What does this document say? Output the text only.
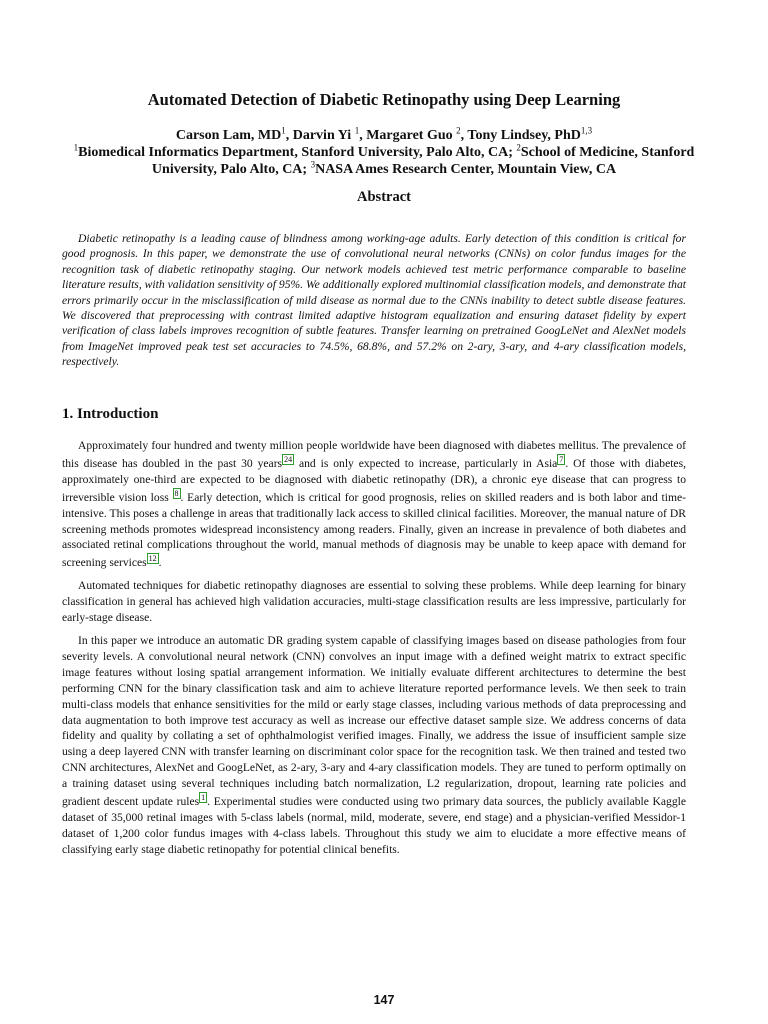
Automated Detection of Diabetic Retinopathy using Deep Learning
Carson Lam, $MD^1$, Darvin Yi $^1$, Margaret Guo $^2$, Tony Lindsey, PhD$^{1,3}$
$^1$Biomedical Informatics Department, Stanford University, Palo Alto, CA; $^2$School of Medicine, Stanford University, Palo Alto, CA; $^3$NASA Ames Research Center, Mountain View, CA
Abstract

Diabetic retinopathy is a leading cause of blindness among working-age adults. Early detection of this condition is critical for good prognosis. In this paper, we demonstrate the use of convolutional neural networks (CNNs) on color fundus images for the recognition task of diabetic retinopathy staging. Our network models achieved test metric performance comparable to baseline literature results, with validation sensitivity of 95%. We additionally explored multinomial classification models, and demonstrate that errors primarily occur in the misclassification of mild disease as normal due to the CNNs inability to detect subtle disease features. We discovered that preprocessing with contrast limited adaptive histogram equalization and ensuring dataset fidelity by expert verification of class labels improves recognition of subtle features. Transfer learning on pretrained GoogLeNet and AlexNet models from ImageNet improved peak test set accuracies to 74.5%, 68.8%, and 57.2% on 2-ary, 3-ary, and 4-ary classification models, respectively.

1. Introduction

Approximately four hundred and twenty million people worldwide have been diagnosed with diabetes mellitus. The prevalence of this disease has doubled in the past 30 years 24 and is only expected to increase, particularly in Asia 7 . Of those with diabetes, approximately one-third are expected to be diagnosed with diabetic retinopathy (DR), a chronic eye disease that can progress to irreversible vision loss 8 . Early detection, which is critical for good prognosis, relies on skilled readers and is both labor and time-intensive. This poses a challenge in areas that traditionally lack access to skilled clinical facilities. Moreover, the manual nature of DR screening methods promotes widespread inconsistency among readers. Finally, given an increase in prevalence of both diabetes and associated retinal complications throughout the world, manual methods of diagnosis may be unable to keep apace with demand for screening services 12 .

Automated techniques for diabetic retinopathy diagnoses are essential to solving these problems. While deep learning for binary classification in general has achieved high validation accuracies, multi-stage classification results are less impressive, particularly for early-stage disease.

In this paper we introduce an automatic DR grading system capable of classifying images based on disease pathologies from four severity levels. A convolutional neural network (CNN) convolves an input image with a defined weight matrix to extract specific image features without losing spatial arrangement information. We initially evaluate different architectures to determine the best performing CNN for the binary classification task and aim to achieve literature reported performance levels. We then seek to train multi-class models that enhance sensitivities for the mild or early stage classes, including various methods of data preprocessing and data augmentation to both improve test accuracy as well as increase our effective dataset sample size. We address concerns of data fidelity and quality by collating a set of ophthalmologist verified images. Finally, we address the issue of insufficient sample size using a deep layered CNN with transfer learning on discriminant color space for the recognition task. We then trained and tested two CNN architectures, AlexNet and GoogLeNet, as 2-ary, 3-ary and 4-ary classification models. They are tuned to perform optimally on a training dataset using several techniques including batch normalization, L2 regularization, dropout, learning rate policies and gradient descent update rules 1 . Experimental studies were conducted using two primary data sources, the publicly available Kaggle dataset of 35,000 retinal images with 5-class labels (normal, mild, moderate, severe, end stage) and a physician-verified Messidor-1 dataset of 1,200 color fundus images with 4-class labels. Throughout this study we aim to elucidate a more effective means of classifying early stage diabetic retinopathy for potential clinical benefits.

147
